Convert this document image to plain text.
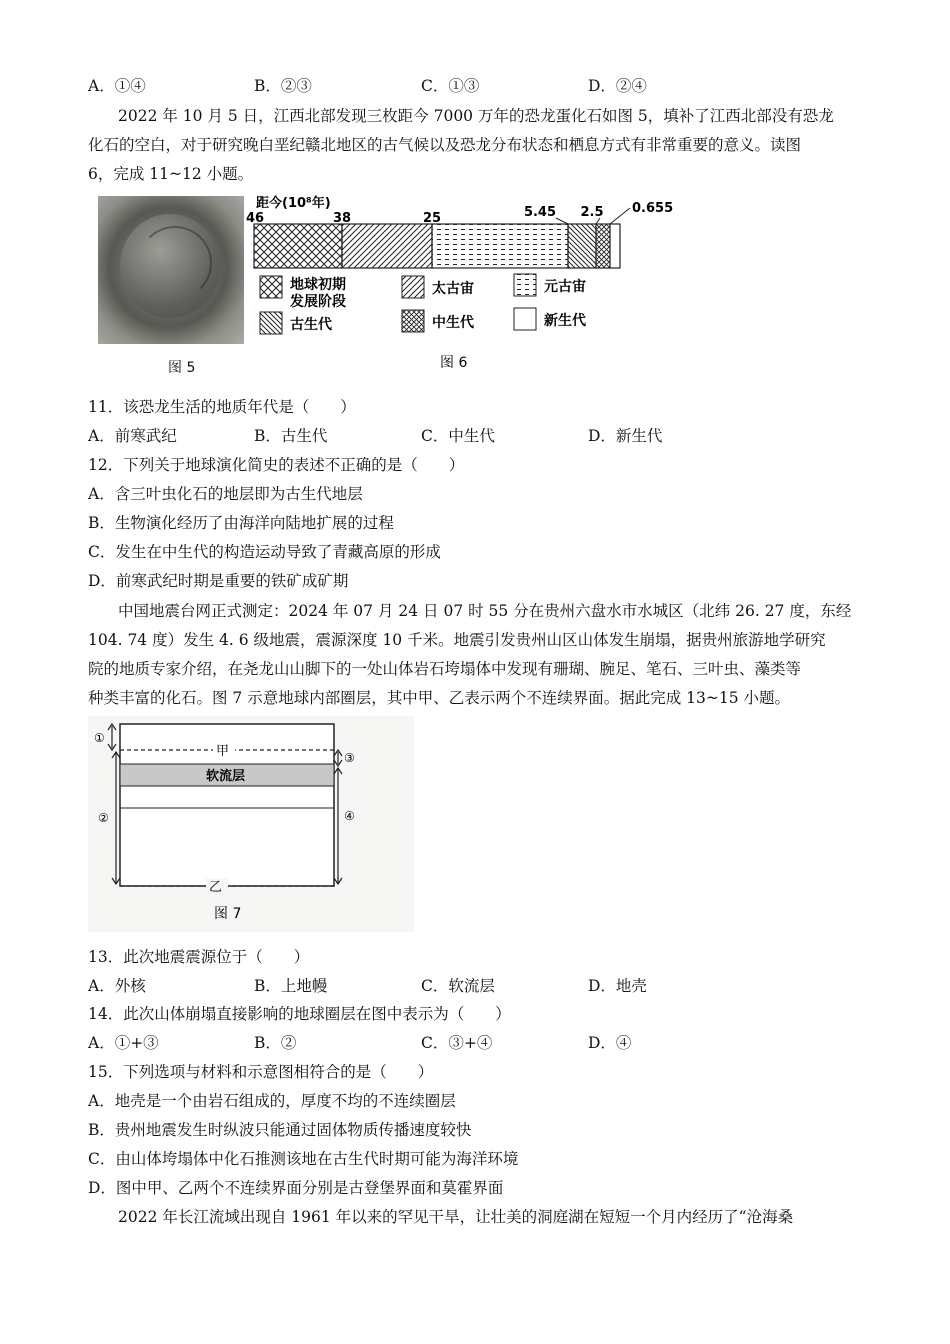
A．①④	B．②③	C．①③	D．②④
2022 年 10 月 5 日，江西北部发现三枚距今 7000 万年的恐龙蛋化石如图 5，填补了江西北部没有恐龙
化石的空白，对于研究晚白垩纪赣北地区的古气候以及恐龙分布状态和栖息方式有非常重要的意义。读图
6，完成 11~12 小题。
图 5
距今(10⁸年)
46	38	25	5.45 2.5 0.655
地球初期
发展阶段
太古宙	元古宙
古生代	中生代	新生代
图 6
11．该恐龙生活的地质年代是（　　）
A．前寒武纪	B．古生代	C．中生代	D．新生代
12．下列关于地球演化简史的表述不正确的是（　　）
A．含三叶虫化石的地层即为古生代地层
B．生物演化经历了由海洋向陆地扩展的过程
C．发生在中生代的构造运动导致了青藏高原的形成
D．前寒武纪时期是重要的铁矿成矿期
中国地震台网正式测定：2024 年 07 月 24 日 07 时 55 分在贵州六盘水市水城区（北纬 26. 27 度，东经
104. 74 度）发生 4. 6 级地震，震源深度 10 千米。地震引发贵州山区山体发生崩塌，据贵州旅游地学研究
院的地质专家介绍，在尧龙山山脚下的一处山体岩石垮塌体中发现有珊瑚、腕足、笔石、三叶虫、藻类等
种类丰富的化石。图 7 示意地球内部圈层，其中甲、乙表示两个不连续界面。据此完成 13~15 小题。
甲
软流层
乙
①
②
③
④
图 7
13．此次地震震源位于（　　）
A．外核	B．上地幔	C．软流层	D．地壳
14．此次山体崩塌直接影响的地球圈层在图中表示为（　　）
A．①+③	B．②	C．③+④	D．④
15．下列选项与材料和示意图相符合的是（　　）
A．地壳是一个由岩石组成的，厚度不均的不连续圈层
B．贵州地震发生时纵波只能通过固体物质传播速度较快
C．由山体垮塌体中化石推测该地在古生代时期可能为海洋环境
D．图中甲、乙两个不连续界面分别是古登堡界面和莫霍界面
2022 年长江流域出现自 1961 年以来的罕见干旱，让壮美的洞庭湖在短短一个月内经历了“沧海桑
